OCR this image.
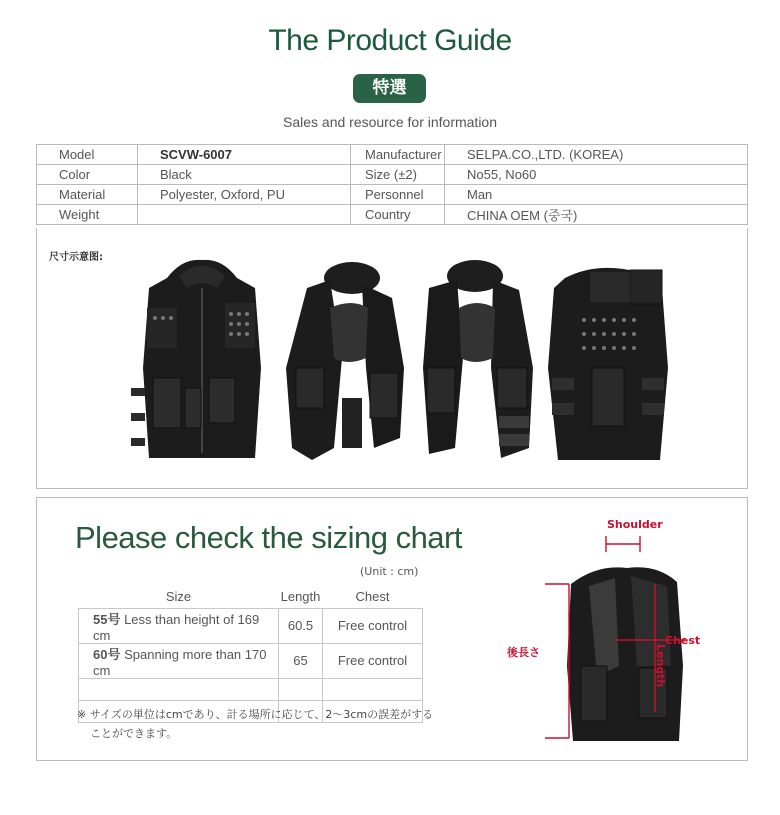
The Product Guide
特選
Sales and resource for information
Model	SCVW-6007	Manufacturer	SELPA.CO.,LTD. (KOREA)
Color	Black	Size (±2)	No55, No60
Material	Polyester, Oxford, PU	Personnel	Man
Weight		Country	CHINA OEM (중국)
尺寸示意图:
Please check the sizing chart
(Unit : cm)
Size	Length	Chest
55号 Less than height of 169 cm	60.5	Free control
60号 Spanning more than 170 cm	65	Free control

※ サイズの単位はcmであり、計る場所に応じて、2～3cmの誤差がする
ことができます。
Shoulder
Chest
Length
後長さ
